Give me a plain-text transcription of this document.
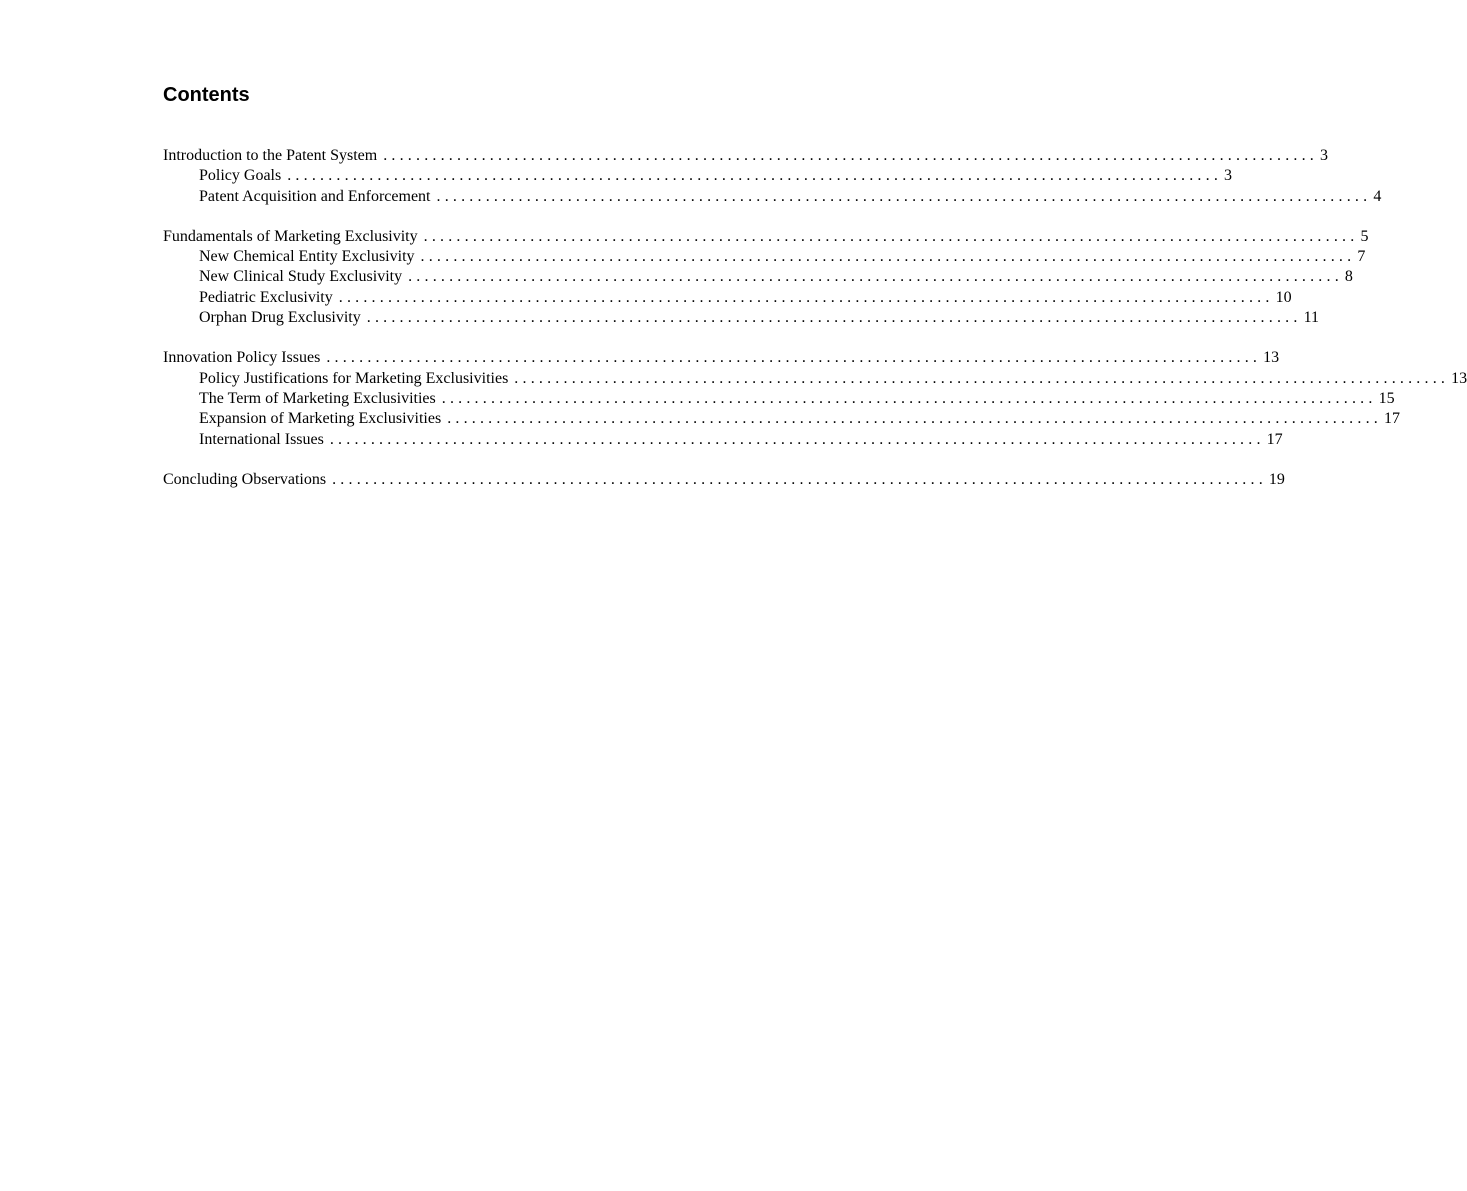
Contents
Introduction to the Patent System .................................................................................................................. 3
Policy Goals .................................................................................................................. 3
Patent Acquisition and Enforcement .................................................................................................................. 4
Fundamentals of Marketing Exclusivity .................................................................................................................. 5
New Chemical Entity Exclusivity .................................................................................................................. 7
New Clinical Study Exclusivity .................................................................................................................. 8
Pediatric Exclusivity .................................................................................................................. 10
Orphan Drug Exclusivity .................................................................................................................. 11
Innovation Policy Issues .................................................................................................................. 13
Policy Justifications for Marketing Exclusivities .................................................................................................................. 13
The Term of Marketing Exclusivities .................................................................................................................. 15
Expansion of Marketing Exclusivities .................................................................................................................. 17
International Issues .................................................................................................................. 17
Concluding Observations .................................................................................................................. 19
